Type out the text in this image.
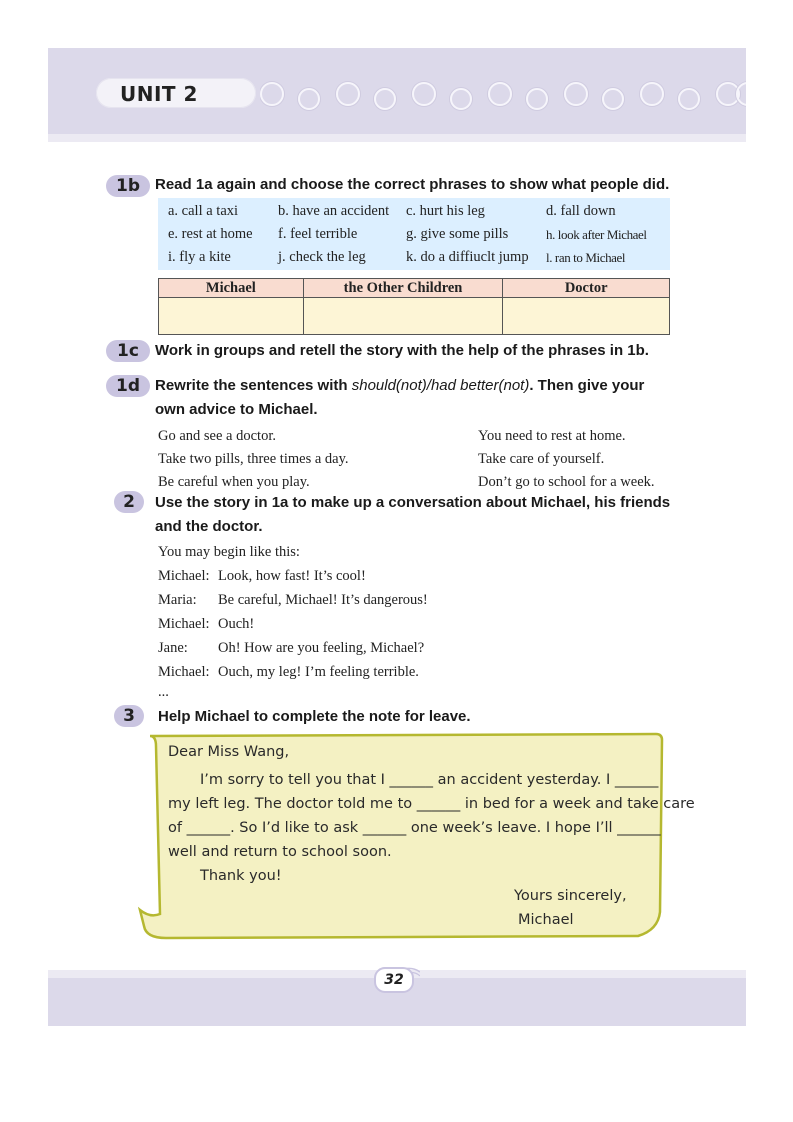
UNIT 2
1b	Read 1a again and choose the correct phrases to show what people did.
a. call a taxi	b. have an accident c. hurt his leg	d. fall down
e. rest at home f. feel terrible	g. give some pills	h. look after Michael
i. fly a kite	j. check the leg	k. do a diffiuclt jump l. ran to Michael
Michael	the Other Children	Doctor

1c	Work in groups and retell the story with the help of the phrases in 1b.
1d	Rewrite the sentences with should(not)/had better(not). Then give your
own advice to Michael.
Go and see a doctor.
Take two pills, three times a day.
Be careful when you play.
You need to rest at home.
Take care of yourself.
Don’t go to school for a week.
2	Use the story in 1a to make up a conversation about Michael, his friends
and the doctor.
You may begin like this:
Michael: Look, how fast! It’s cool!
Maria: Be careful, Michael! It’s dangerous!
Michael: Ouch!
Jane: Oh! How are you feeling, Michael?
Michael: Ouch, my leg! I’m feeling terrible.
...
3	Help Michael to complete the note for leave.
Dear Miss Wang,
I’m sorry to tell you that I ______ an accident yesterday. I ______
my left leg. The doctor told me to ______ in bed for a week and take care
of ______. So I’d like to ask ______ one week’s leave. I hope I’ll ______
well and return to school soon.
Thank you!
Yours sincerely,
Michael
32
